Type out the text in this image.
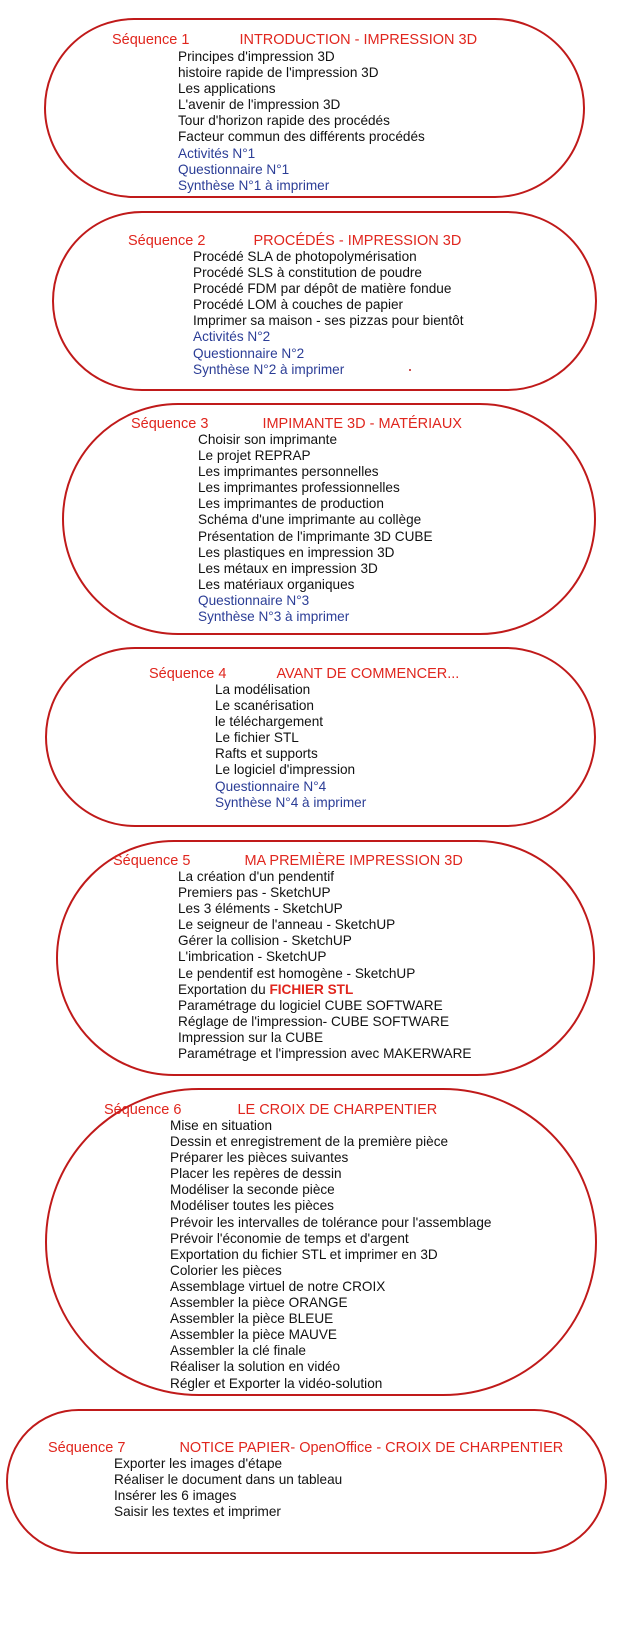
Séquence 1	INTRODUCTION - IMPRESSION 3D
Principes d'impression 3D
histoire rapide de l'impression 3D
Les applications
L'avenir de l'impression 3D
Tour d'horizon rapide des procédés
Facteur commun des différents procédés
Activités N°1
Questionnaire N°1
Synthèse N°1 à imprimer
Séquence 2	PROCÉDÉS - IMPRESSION 3D
Procédé SLA de photopolymérisation
Procédé SLS à constitution de poudre
Procédé FDM par dépôt de matière fondue
Procédé LOM à couches de papier
Imprimer sa maison - ses pizzas pour bientôt
Activités N°2
Questionnaire N°2
Synthèse N°2 à imprimer
Séquence 3	IMPIMANTE 3D - MATÉRIAUX
Choisir son imprimante
Le projet REPRAP
Les imprimantes personnelles
Les imprimantes professionnelles
Les imprimantes de production
Schéma d'une imprimante au collège
Présentation de l'imprimante 3D CUBE
Les plastiques en impression 3D
Les métaux en impression 3D
Les matériaux organiques
Questionnaire N°3
Synthèse N°3 à imprimer
Séquence 4	AVANT DE COMMENCER...
La modélisation
Le scanérisation
le téléchargement
Le fichier STL
Rafts et supports
Le logiciel d'impression
Questionnaire N°4
Synthèse N°4 à imprimer
Séquence 5	MA PREMIÈRE IMPRESSION 3D
La création d'un pendentif
Premiers pas - SketchUP
Les 3 éléments - SketchUP
Le seigneur de l'anneau - SketchUP
Gérer la collision - SketchUP
L'imbrication - SketchUP
Le pendentif est homogène - SketchUP
Exportation du FICHIER STL
Paramétrage du logiciel CUBE SOFTWARE
Réglage de l'impression- CUBE SOFTWARE
Impression sur la CUBE
Paramétrage et l'impression avec MAKERWARE
Séquence 6	LE CROIX DE CHARPENTIER
Mise en situation
Dessin et enregistrement de la première pièce
Préparer les pièces suivantes
Placer les repères de dessin
Modéliser la seconde pièce
Modéliser toutes les pièces
Prévoir les intervalles de tolérance pour l'assemblage
Prévoir l'économie de temps et d'argent
Exportation du fichier STL et imprimer en 3D
Colorier les pièces
Assemblage virtuel de notre CROIX
Assembler la pièce ORANGE
Assembler la pièce BLEUE
Assembler la pièce MAUVE
Assembler la clé finale
Réaliser la solution en vidéo
Régler et Exporter la vidéo-solution
Séquence 7	NOTICE PAPIER- OpenOffice - CROIX DE CHARPENTIER
Exporter les images d'étape
Réaliser le document dans un tableau
Insérer les 6 images
Saisir les textes et imprimer
